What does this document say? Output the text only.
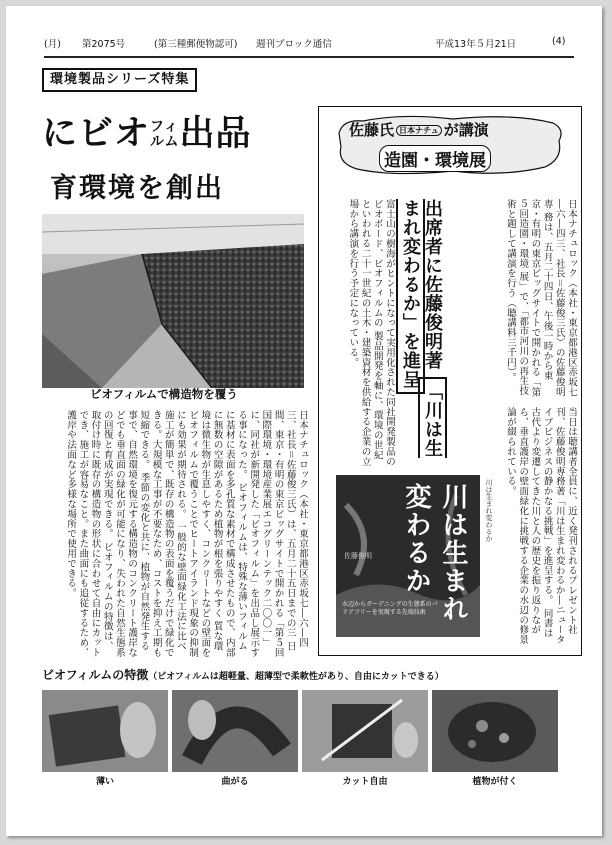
(月) 第2075号	(第三種郵便物認可) 週刊ブロック通信	平成13年５月21日	(4)
環境製品シリーズ特集
にビオフィ
ルム出品
育環境を創出
ビオフィルムで構造物を覆う
日本ナチュロック（本社・東京都港区赤坂七―六―四三、社長＝佐藤俊三氏）は、五月二十五日までの三 日間、東京・有明の東京ビッグサイトで開かれる「第５回国際環境・環境産業展エコグリーンテック二〇〇一」に、同社が新開発した「ビオフィルム」を出品し展示する事になった。 ビオフィルムは、特殊な薄いフィルムに基材に表面を多孔質な素材で構成させたもので、内部に無数の空隙があるため植物が根を張りやすく 質な環境は微生物が生息しやすく、コンクリートなどの壁面をビオフィルムで覆うことでヒートアイランド現象の抑制にも効果が期待される。 一般的な壁面緑化工法に比べ施工が簡単で、既存の構造物の表面を覆うだけで緑化できる。大規模な工事が不要なため、コストを抑え工期も短縮できる。 季節の変化と共に、植物が自然発生する事で、自然環境を復元する構造物のコンクリート護岸などでも垂直面の緑化が可能になり、失われた自然生態系の回復と育成が実現できる。 ビオフィルムの特徴は、取付け時に既存の構造物の形状に合わせて自由にカットでき、施工が容易なこと。また曲面にも追従するため、護岸や法面など多様な場所で使用できる。
佐藤氏 日本ナチュ が講演
造園・環境展
日本ナチュロック（本社・東京都港区赤坂七―六―四三、社長＝佐藤俊三氏）の佐藤俊明専 務は、五月二十四日、午後一時から東京・有明の東京ビッグサイトで開かれる「第５回造園・環境 展」で、「都市河川の再生技術と題して講演を行う（聴講料三千円）。
出席者に佐藤俊明著 「川は生まれ変わるか」を進呈
富士山の樹海がヒントになって実用化された同社開発製品のビオボード、ビオフィルムの 製品開発を軸に、環境の世紀といわれる二十一世紀の土木・建築資材を供給する企業の立場から講演を行う予定になっている。
川は生まれ変わるか
水辺からガーデニングの生態系のバリアフリーを実現する先端技術
佐藤俊明
川は生まれ変わるか	当日は聴講者全員に、近く発刊されるプレゼント社刊、佐藤俊明専務著「川は生まれ変わるか―ニュータイプビジネスの静かなる挑戦」を進呈する。 同書は古代より変遷してきた川と人の歴史を振り返りながら、垂直護岸の壁面緑化に挑戦する企業の水辺の修景論が綴られている。
ビオフィルムの特徴（ビオフィルムは超軽量、超薄型で柔軟性があり、自由にカットできる）
薄い	曲がる	カット自由	植物が付く
